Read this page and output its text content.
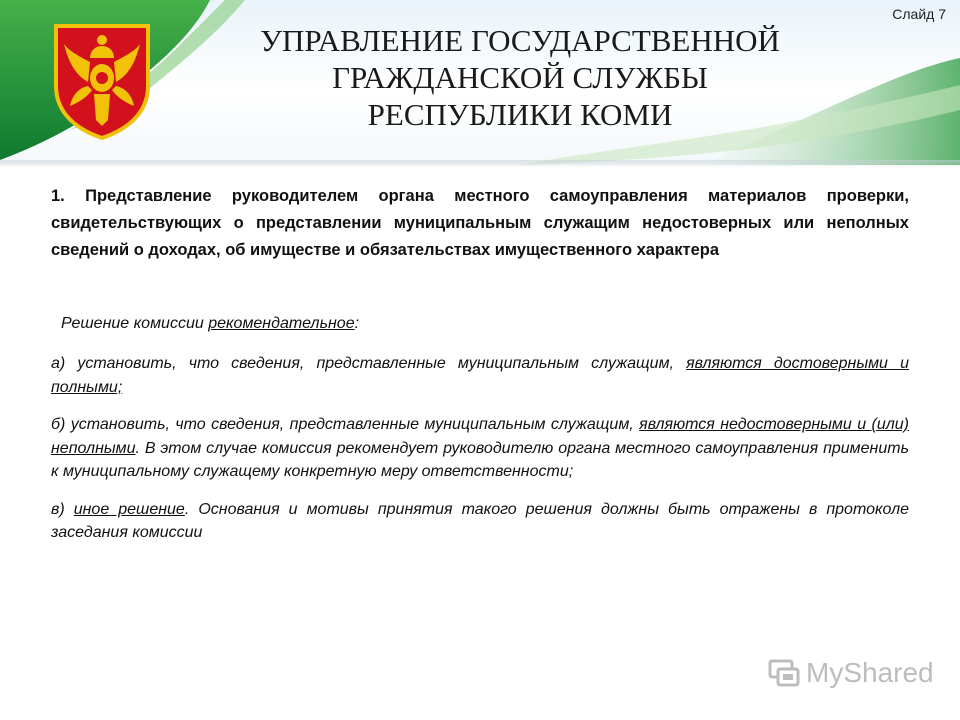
УПРАВЛЕНИЕ ГОСУДАРСТВЕННОЙ
ГРАЖДАНСКОЙ СЛУЖБЫ
РЕСПУБЛИКИ КОМИ
Слайд 7

1. Представление руководителем органа местного самоуправления материалов проверки, свидетельствующих о представлении муниципальным служащим недостоверных или неполных сведений о доходах, об имуществе и обязательствах имущественного характера

Решение комиссии рекомендательное:

а) установить, что сведения, представленные муниципальным служащим, являются достоверными и полными;

б) установить, что сведения, представленные муниципальным служащим, являются недостоверными и (или) неполными. В этом случае комиссия рекомендует руководителю органа местного самоуправления применить к муниципальному служащему конкретную меру ответственности;

в) иное решение. Основания и мотивы принятия такого решения должны быть отражены в протоколе заседания комиссии

MyShared
